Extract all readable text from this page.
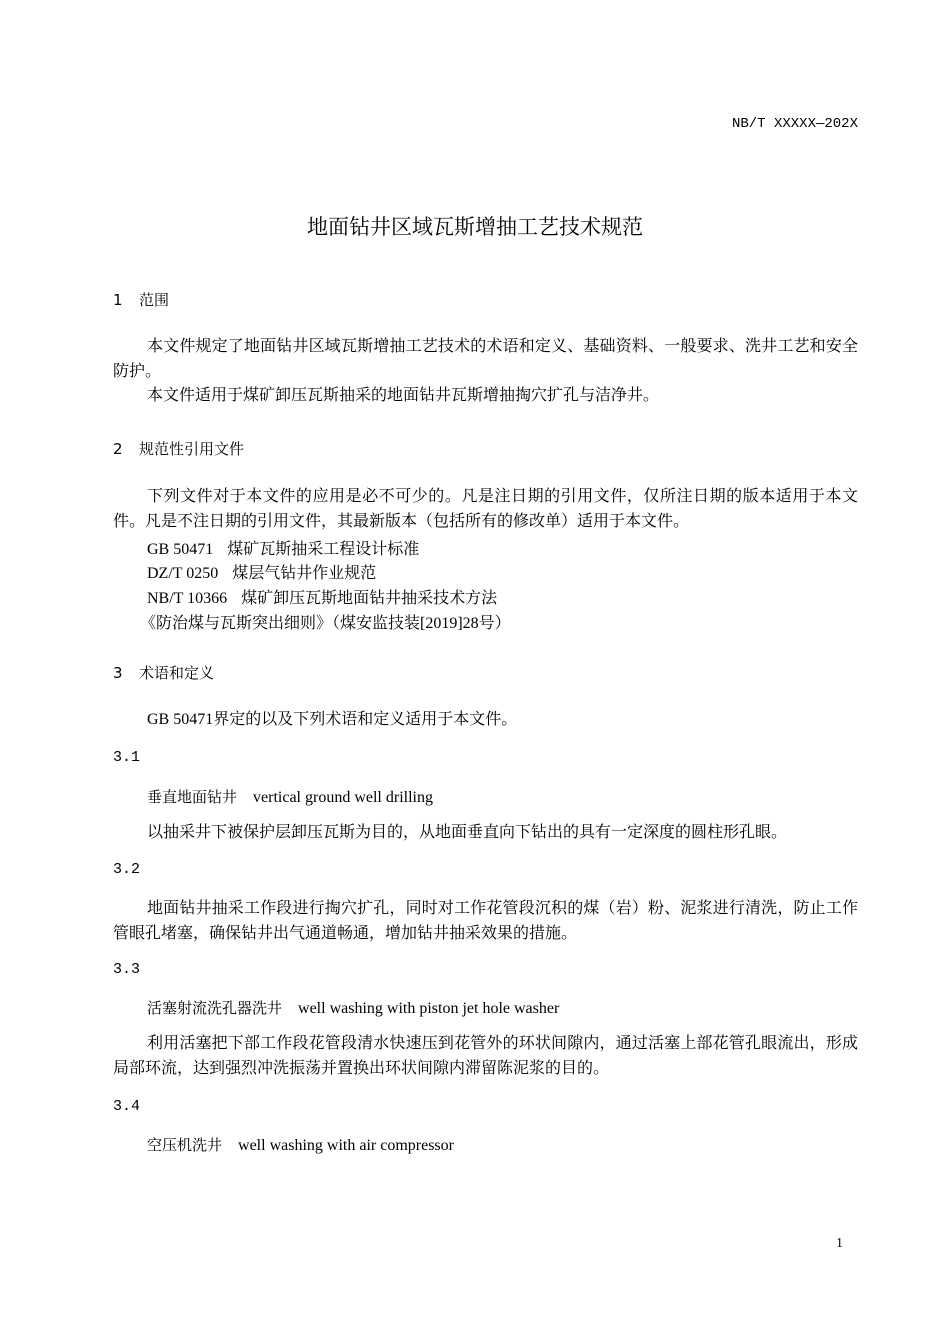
NB/T XXXXX—202X
地面钻井区域瓦斯增抽工艺技术规范
1 范围
本文件规定了地面钻井区域瓦斯增抽工艺技术的术语和定义、基础资料、一般要求、洗井工艺和安全防护。
本文件适用于煤矿卸压瓦斯抽采的地面钻井瓦斯增抽掏穴扩孔与洁净井。
2 规范性引用文件
下列文件对于本文件的应用是必不可少的。凡是注日期的引用文件，仅所注日期的版本适用于本文件。凡是不注日期的引用文件，其最新版本（包括所有的修改单）适用于本文件。
GB 50471 煤矿瓦斯抽采工程设计标准
DZ/T 0250 煤层气钻井作业规范
NB/T 10366 煤矿卸压瓦斯地面钻井抽采技术方法
《防治煤与瓦斯突出细则》（煤安监技装[2019]28号）
3 术语和定义
GB 50471界定的以及下列术语和定义适用于本文件。
3.1
垂直地面钻井 vertical ground well drilling
以抽采井下被保护层卸压瓦斯为目的，从地面垂直向下钻出的具有一定深度的圆柱形孔眼。
3.2
地面钻井抽采工作段进行掏穴扩孔，同时对工作花管段沉积的煤（岩）粉、泥浆进行清洗，防止工作管眼孔堵塞，确保钻井出气通道畅通，增加钻井抽采效果的措施。
3.3
活塞射流洗孔器洗井 well washing with piston jet hole washer
利用活塞把下部工作段花管段清水快速压到花管外的环状间隙内，通过活塞上部花管孔眼流出，形成局部环流，达到强烈冲洗振荡并置换出环状间隙内滞留陈泥浆的目的。
3.4
空压机洗井 well washing with air compressor
1
